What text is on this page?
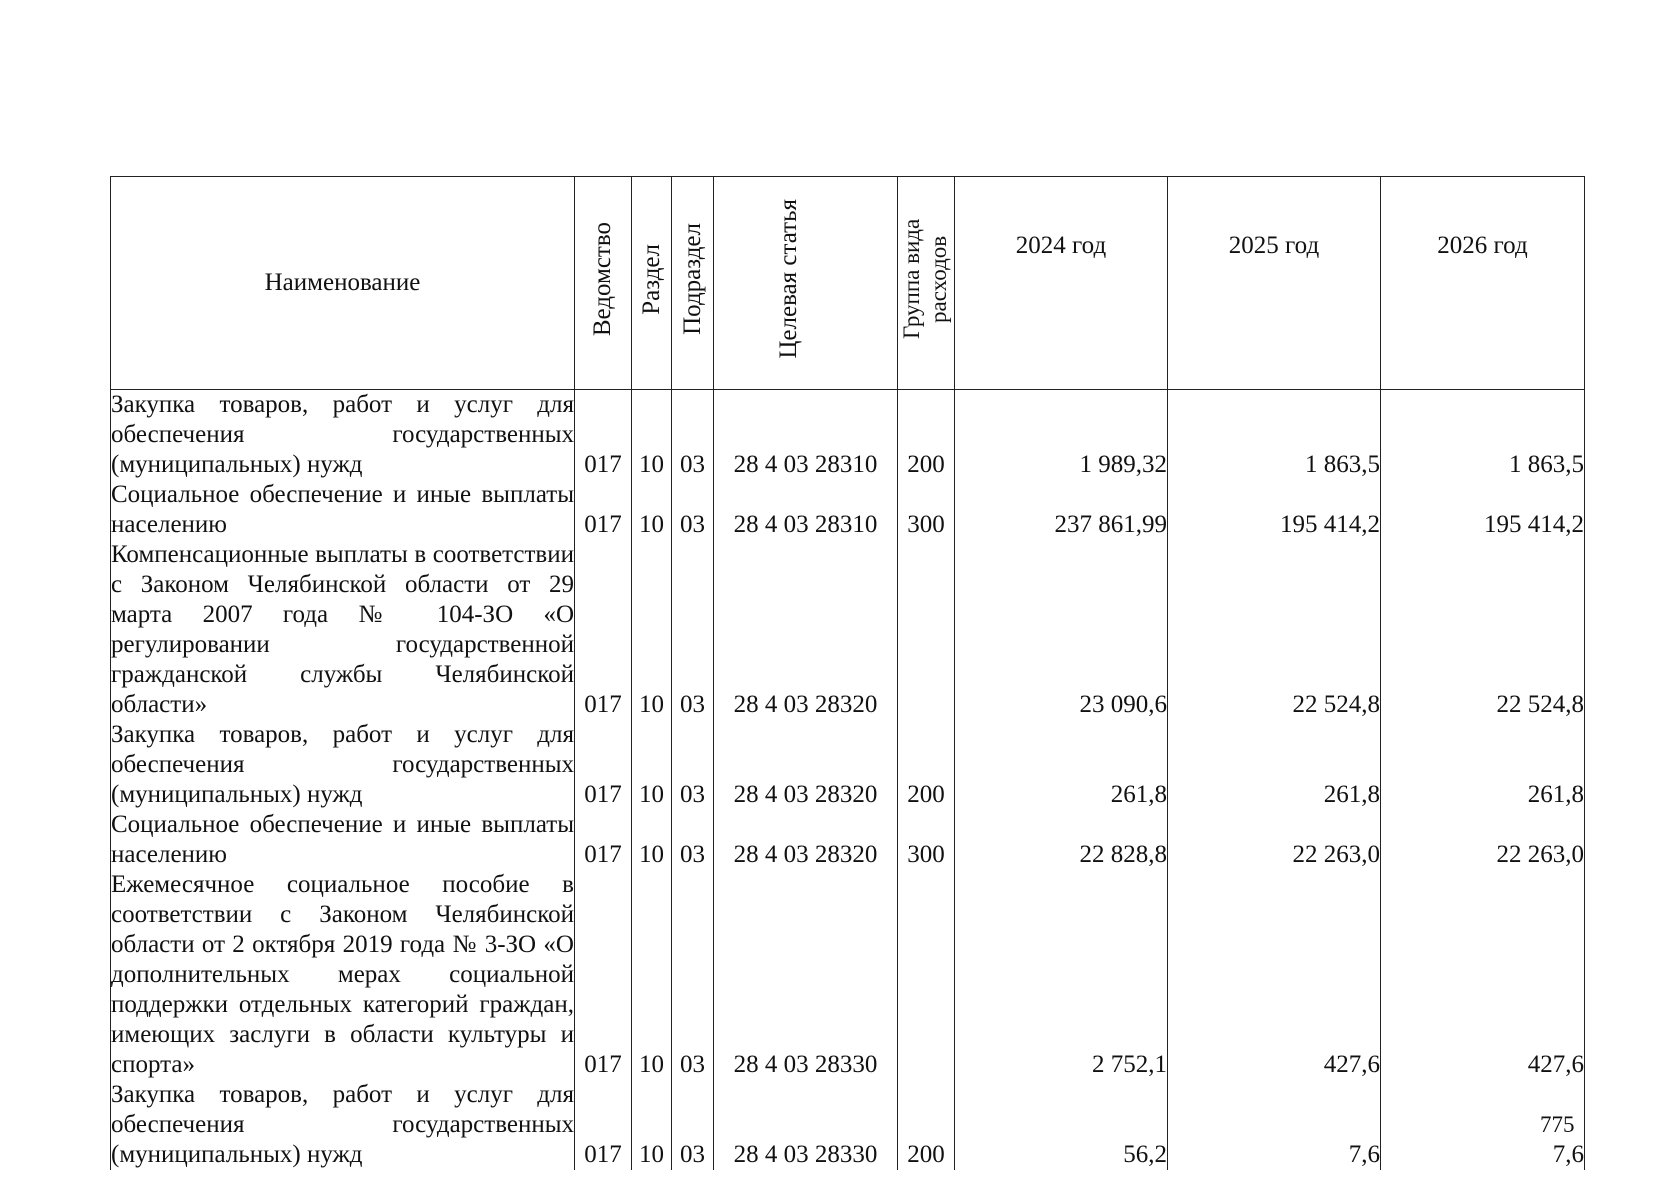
Наименование	Ведомство	Раздел	Подраздел	Целевая статья	Группа вида расходов	2024 год	2025 год	2026 год
Закупка товаров, работ и услуг для обеспечения государственных (муниципальных) нужд	017	10	03	28 4 03 28310	200	1 989,32	1 863,5	1 863,5
Социальное обеспечение и иные выплаты населению	017	10	03	28 4 03 28310	300	237 861,99	195 414,2	195 414,2
Компенсационные выплаты в соответствии с Законом Челябинской области от 29 марта 2007 года № 104-ЗО «О регулировании государственной гражданской службы Челябинской области»	017	10	03	28 4 03 28320		23 090,6	22 524,8	22 524,8
Закупка товаров, работ и услуг для обеспечения государственных (муниципальных) нужд	017	10	03	28 4 03 28320	200	261,8	261,8	261,8
Социальное обеспечение и иные выплаты населению	017	10	03	28 4 03 28320	300	22 828,8	22 263,0	22 263,0
Ежемесячное социальное пособие в соответствии с Законом Челябинской области от 2 октября 2019 года № 3-ЗО «О дополнительных мерах социальной поддержки отдельных категорий граждан, имеющих заслуги в области культуры и спорта»	017	10	03	28 4 03 28330		2 752,1	427,6	427,6
Закупка товаров, работ и услуг для обеспечения государственных (муниципальных) нужд	017	10	03	28 4 03 28330	200	56,2	7,6	7,6
775
